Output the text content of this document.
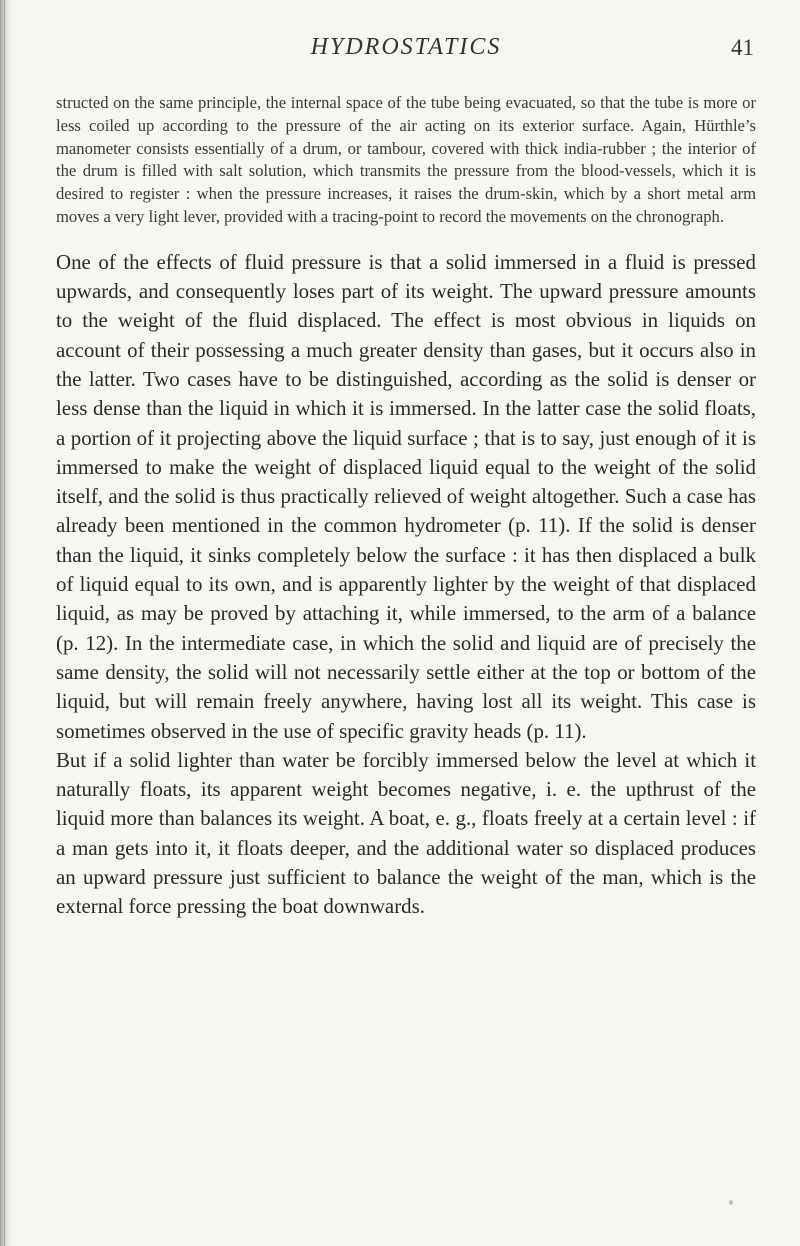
HYDROSTATICS	41
structed on the same principle, the internal space of the tube being evacuated, so that the tube is more or less coiled up according to the pressure of the air acting on its exterior surface. Again, Hürthle’s manometer consists essentially of a drum, or tambour, covered with thick india-rubber ; the interior of the drum is filled with salt solution, which transmits the pressure from the blood-vessels, which it is desired to register : when the pressure increases, it raises the drum-skin, which by a short metal arm moves a very light lever, provided with a tracing-point to record the movements on the chronograph.

One of the effects of fluid pressure is that a solid immersed in a fluid is pressed upwards, and consequently loses part of its weight. The upward pressure amounts to the weight of the fluid displaced. The effect is most obvious in liquids on account of their possessing a much greater density than gases, but it occurs also in the latter. Two cases have to be distinguished, according as the solid is denser or less dense than the liquid in which it is immersed. In the latter case the solid floats, a portion of it projecting above the liquid surface ; that is to say, just enough of it is immersed to make the weight of displaced liquid equal to the weight of the solid itself, and the solid is thus practically relieved of weight altogether. Such a case has already been mentioned in the common hydrometer (p. 11). If the solid is denser than the liquid, it sinks completely below the surface : it has then displaced a bulk of liquid equal to its own, and is apparently lighter by the weight of that displaced liquid, as may be proved by attaching it, while immersed, to the arm of a balance (p. 12). In the intermediate case, in which the solid and liquid are of precisely the same density, the solid will not necessarily settle either at the top or bottom of the liquid, but will remain freely anywhere, having lost all its weight. This case is sometimes observed in the use of specific gravity heads (p. 11).

But if a solid lighter than water be forcibly immersed below the level at which it naturally floats, its apparent weight becomes negative, i. e. the upthrust of the liquid more than balances its weight. A boat, e. g., floats freely at a certain level : if a man gets into it, it floats deeper, and the additional water so displaced produces an upward pressure just sufficient to balance the weight of the man, which is the external force pressing the boat downwards.
